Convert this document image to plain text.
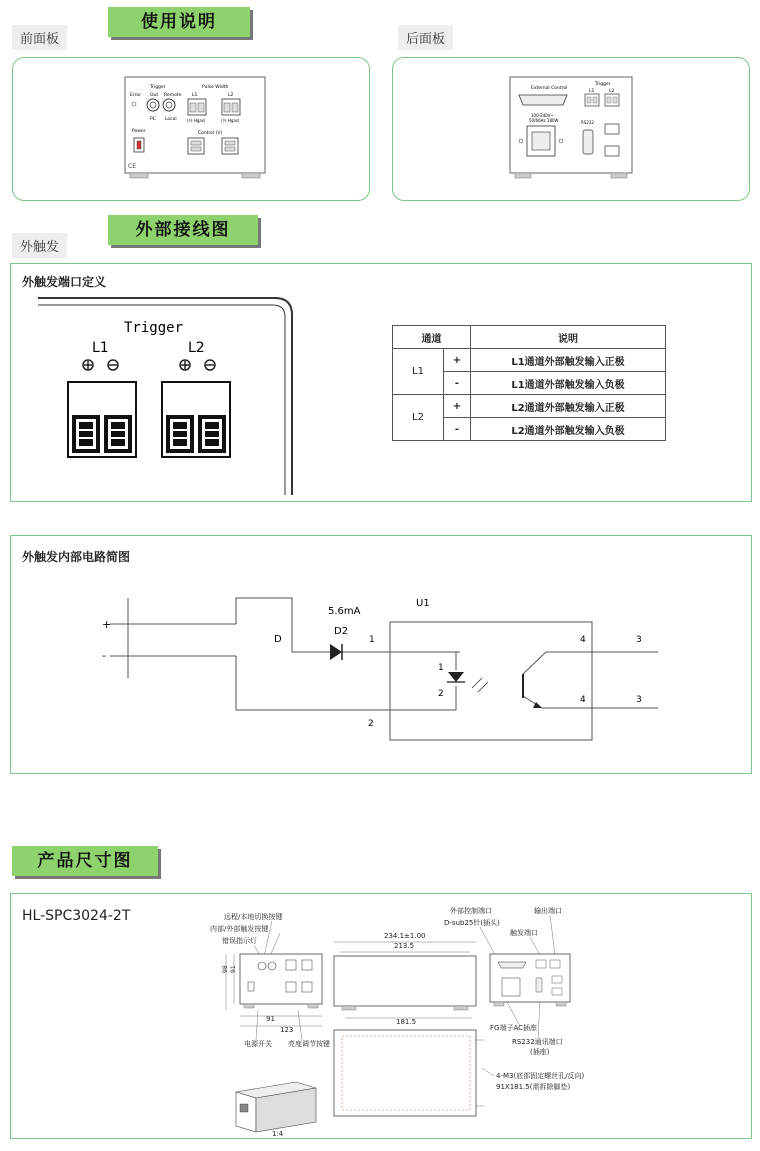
前面板
使用说明
后面板
Trigger	Pulse Width
Error Out Remote L1	L2
PC Local	(外 Hgas)	(外 Hgas)
Power	Control (V)
CE
External Control
Trigger
L1	L2
100-240V~
50/60Hz 180W	RS232
外触发
外部接线图
外触发端口定义
Trigger
L1	L2
通道		说明
L1	+	L1通道外部触发输入正极
	-	L1通道外部触发输入负极
L2	+	L2通道外部触发输入正极
	-	L2通道外部触发输入负极
外触发内部电路简图
+
-
D
5.6mA
D2
U1
1
1
2
2
4
4
3
3
产品尺寸图
HL-SPC3024-2T	远程/本地切换按键
内部/外部触发按键
错误指示灯
外部控制端口
D-sub25针(插头)
输出端口
触发端口
234.1±1.00
213.5
181.5
91
123
电源开关 亮度调节按键
FG端子AC插座
RS232通讯端口
(插座)
4-M3(底部固定螺丝孔/反向)
91X181.5(需拆除脚垫)
1:4
98 91
